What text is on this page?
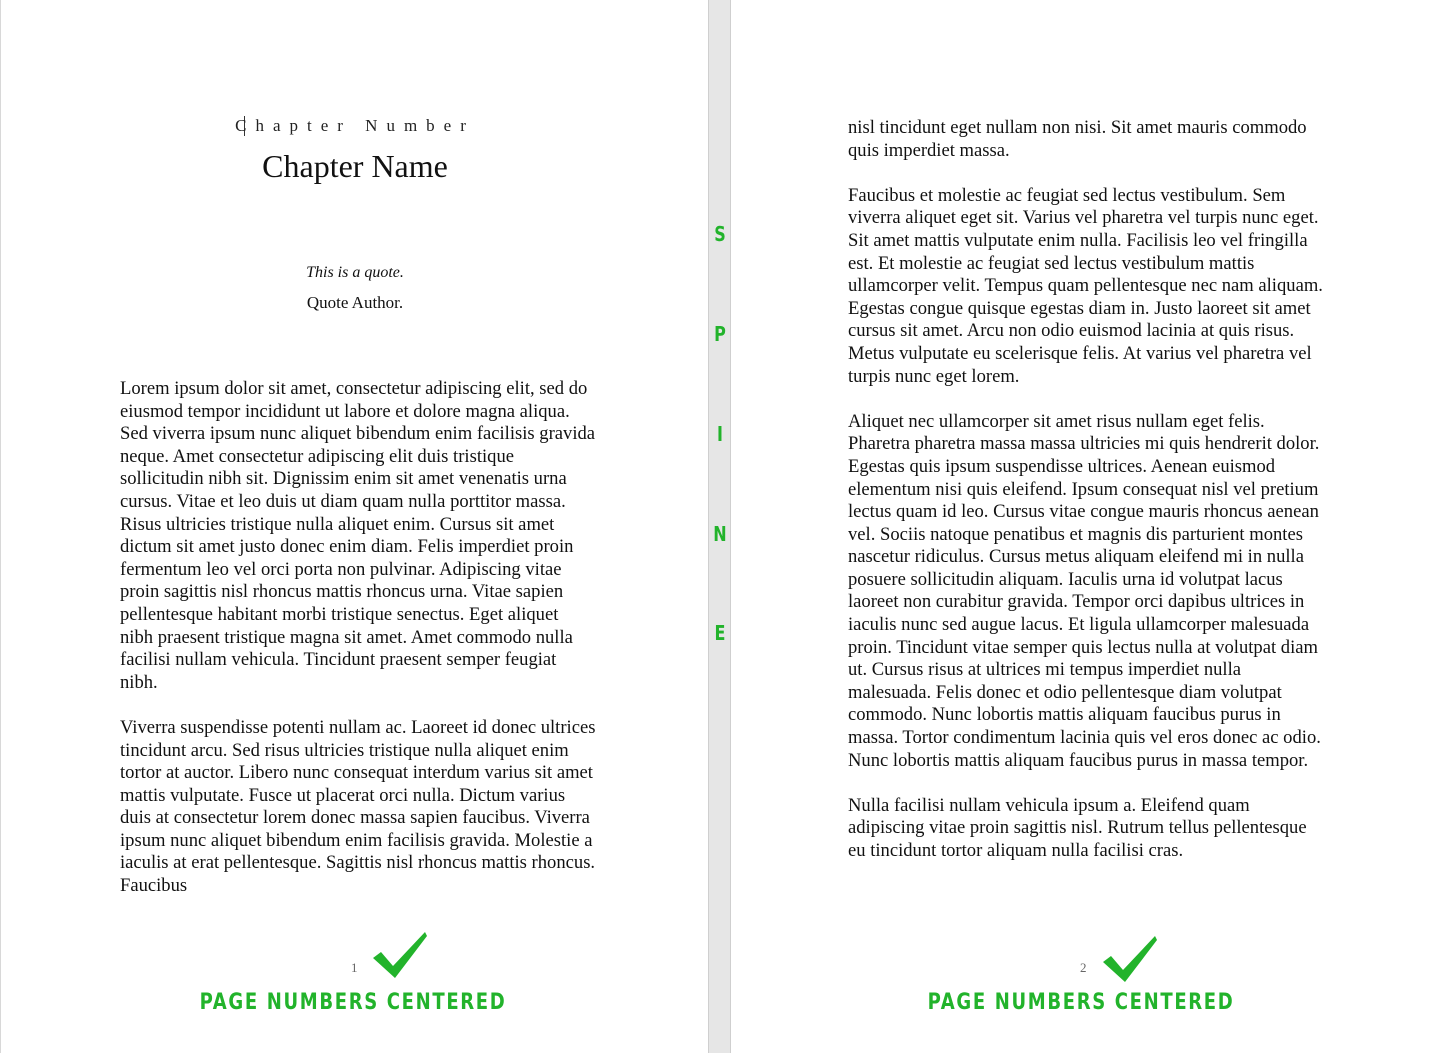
Chapter Number
Chapter Name
This is a quote.
Quote Author.

Lorem ipsum dolor sit amet, consectetur adipiscing elit, sed do eiusmod tempor incididunt ut labore et dolore magna aliqua. Sed viverra ipsum nunc aliquet bibendum enim facilisis gravida neque. Amet consectetur adipiscing elit duis tristique sollicitudin nibh sit. Dignissim enim sit amet venenatis urna cursus. Vitae et leo duis ut diam quam nulla porttitor massa. Risus ultricies tristique nulla aliquet enim. Cursus sit amet dictum sit amet justo donec enim diam. Felis imperdiet proin fermentum leo vel orci porta non pulvinar. Adipiscing vitae proin sagittis nisl rhoncus mattis rhoncus urna. Vitae sapien pellentesque habitant morbi tristique senectus. Eget aliquet nibh praesent tristique magna sit amet. Amet commodo nulla facilisi nullam vehicula. Tincidunt praesent semper feugiat nibh.

Viverra suspendisse potenti nullam ac. Laoreet id donec ultrices tincidunt arcu. Sed risus ultricies tristique nulla aliquet enim tortor at auctor. Libero nunc consequat interdum varius sit amet mattis vulputate. Fusce ut placerat orci nulla. Dictum varius duis at consectetur lorem donec massa sapien faucibus. Viverra ipsum nunc aliquet bibendum enim facilisis gravida. Molestie a iaculis at erat pellentesque. Sagittis nisl rhoncus mattis rhoncus. Faucibus

1
PAGE NUMBERS CENTERED
S
P
I
N
E

nisl tincidunt eget nullam non nisi. Sit amet mauris commodo quis imperdiet massa.

Faucibus et molestie ac feugiat sed lectus vestibulum. Sem viverra aliquet eget sit. Varius vel pharetra vel turpis nunc eget. Sit amet mattis vulputate enim nulla. Facilisis leo vel fringilla est. Et molestie ac feugiat sed lectus vestibulum mattis ullamcorper velit. Tempus quam pellentesque nec nam aliquam. Egestas congue quisque egestas diam in. Justo laoreet sit amet cursus sit amet. Arcu non odio euismod lacinia at quis risus. Metus vulputate eu scelerisque felis. At varius vel pharetra vel turpis nunc eget lorem.

Aliquet nec ullamcorper sit amet risus nullam eget felis. Pharetra pharetra massa massa ultricies mi quis hendrerit dolor. Egestas quis ipsum suspendisse ultrices. Aenean euismod elementum nisi quis eleifend. Ipsum consequat nisl vel pretium lectus quam id leo. Cursus vitae congue mauris rhoncus aenean vel. Sociis natoque penatibus et magnis dis parturient montes nascetur ridiculus. Cursus metus aliquam eleifend mi in nulla posuere sollicitudin aliquam. Iaculis urna id volutpat lacus laoreet non curabitur gravida. Tempor orci dapibus ultrices in iaculis nunc sed augue lacus. Et ligula ullamcorper malesuada proin. Tincidunt vitae semper quis lectus nulla at volutpat diam ut. Cursus risus at ultrices mi tempus imperdiet nulla malesuada. Felis donec et odio pellentesque diam volutpat commodo. Nunc lobortis mattis aliquam faucibus purus in massa. Tortor condimentum lacinia quis vel eros donec ac odio. Nunc lobortis mattis aliquam faucibus purus in massa tempor.

Nulla facilisi nullam vehicula ipsum a. Eleifend quam adipiscing vitae proin sagittis nisl. Rutrum tellus pellentesque eu tincidunt tortor aliquam nulla facilisi cras.

2
PAGE NUMBERS CENTERED
